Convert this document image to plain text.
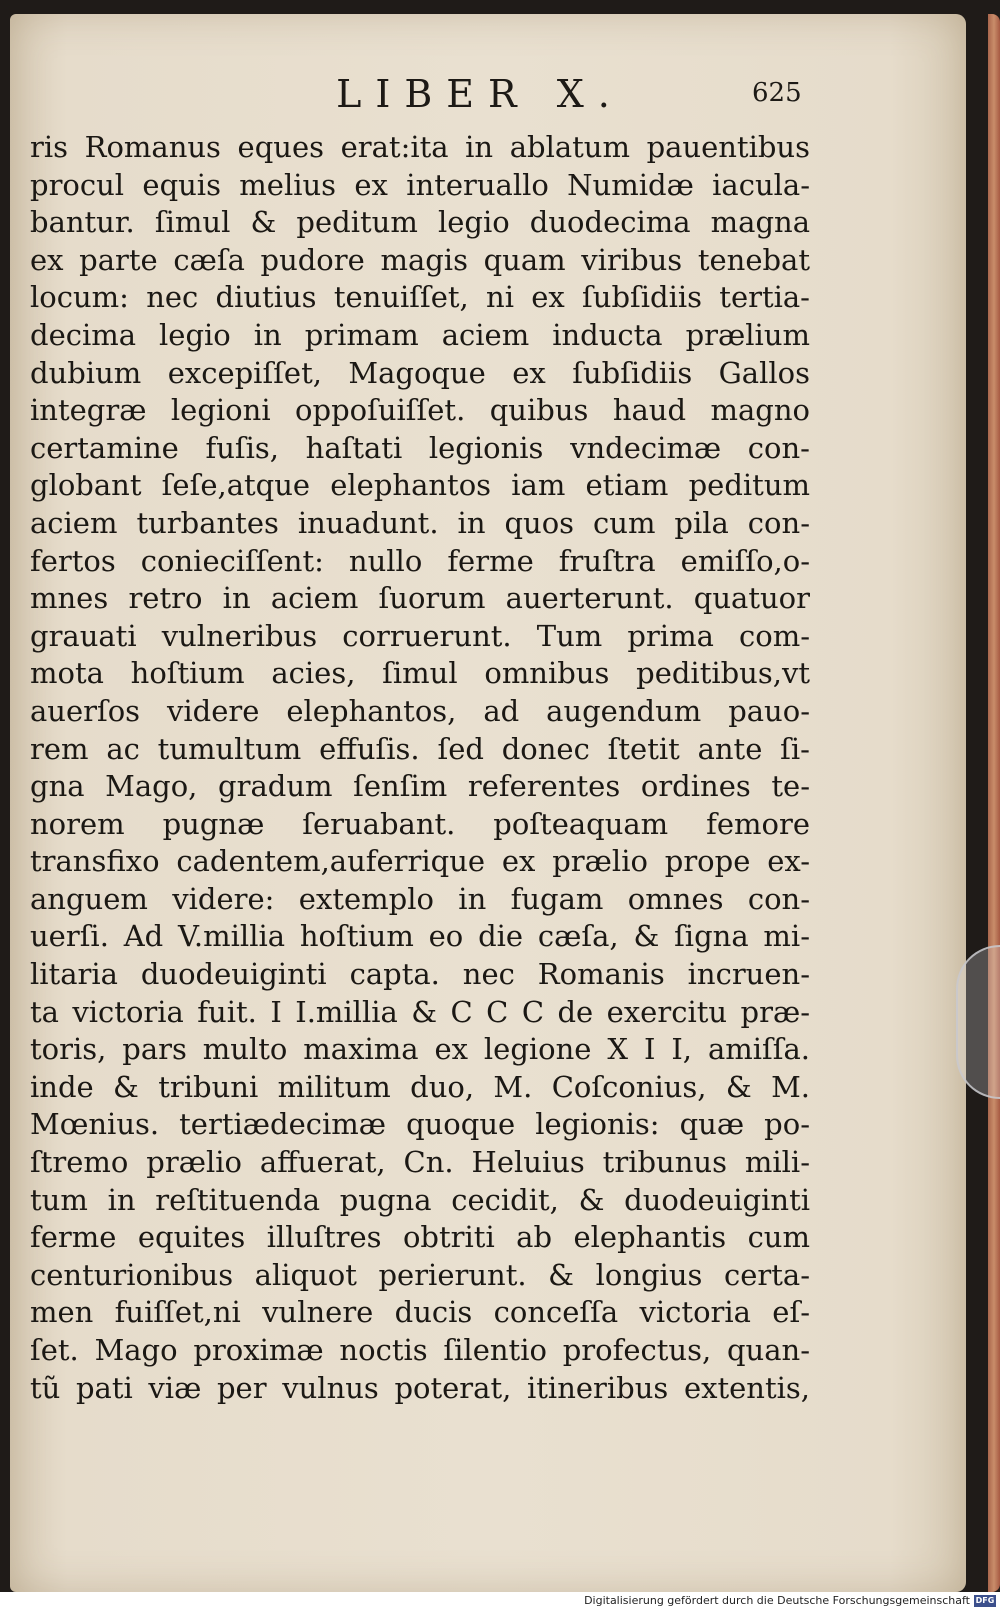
LIBER X.	625
ris Romanus eques erat:ita in ablatum pauentibus
procul equis melius ex interuallo Numidæ iacula-
bantur. ſimul & peditum legio duodecima magna
ex parte cæſa pudore magis quam viribus tenebat
locum: nec diutius tenuiſſet, ni ex ſubſidiis tertia-
decima legio in primam aciem inducta prælium
dubium excepiſſet, Magoque ex ſubſidiis Gallos
integræ legioni oppoſuiſſet. quibus haud magno
certamine fuſis, haſtati legionis vndecimæ con-
globant ſeſe,atque elephantos iam etiam peditum
aciem turbantes inuadunt. in quos cum pila con-
fertos conieciſſent: nullo ferme fruſtra emiſſo,o-
mnes retro in aciem ſuorum auerterunt. quatuor
grauati vulneribus corruerunt. Tum prima com-
mota hoſtium acies, ſimul omnibus peditibus,vt
auerſos videre elephantos, ad augendum pauo-
rem ac tumultum effuſis. ſed donec ſtetit ante ſi-
gna Mago, gradum ſenſim referentes ordines te-
norem pugnæ ſeruabant. poſteaquam femore
transfixo cadentem,auferrique ex prælio prope ex-
anguem videre: extemplo in fugam omnes con-
uerſi. Ad V.millia hoſtium eo die cæſa, & ſigna mi-
litaria duodeuiginti capta. nec Romanis incruen-
ta victoria fuit. I I.millia & C C C de exercitu præ-
toris, pars multo maxima ex legione X I I, amiſſa.
inde & tribuni militum duo, M. Coſconius, & M.
Mœnius. tertiædecimæ quoque legionis: quæ po-
ſtremo prælio affuerat, Cn. Heluius tribunus mili-
tum in reſtituenda pugna cecidit, & duodeuiginti
ferme equites illuſtres obtriti ab elephantis cum
centurionibus aliquot perierunt. & longius certa-
men fuiſſet,ni vulnere ducis conceſſa victoria eſ-
ſet. Mago proximæ noctis ſilentio profectus, quan-
tũ pati viæ per vulnus poterat, itineribus extentis,
Digitalisierung gefördert durch die Deutsche Forschungsgemeinschaft DFG
